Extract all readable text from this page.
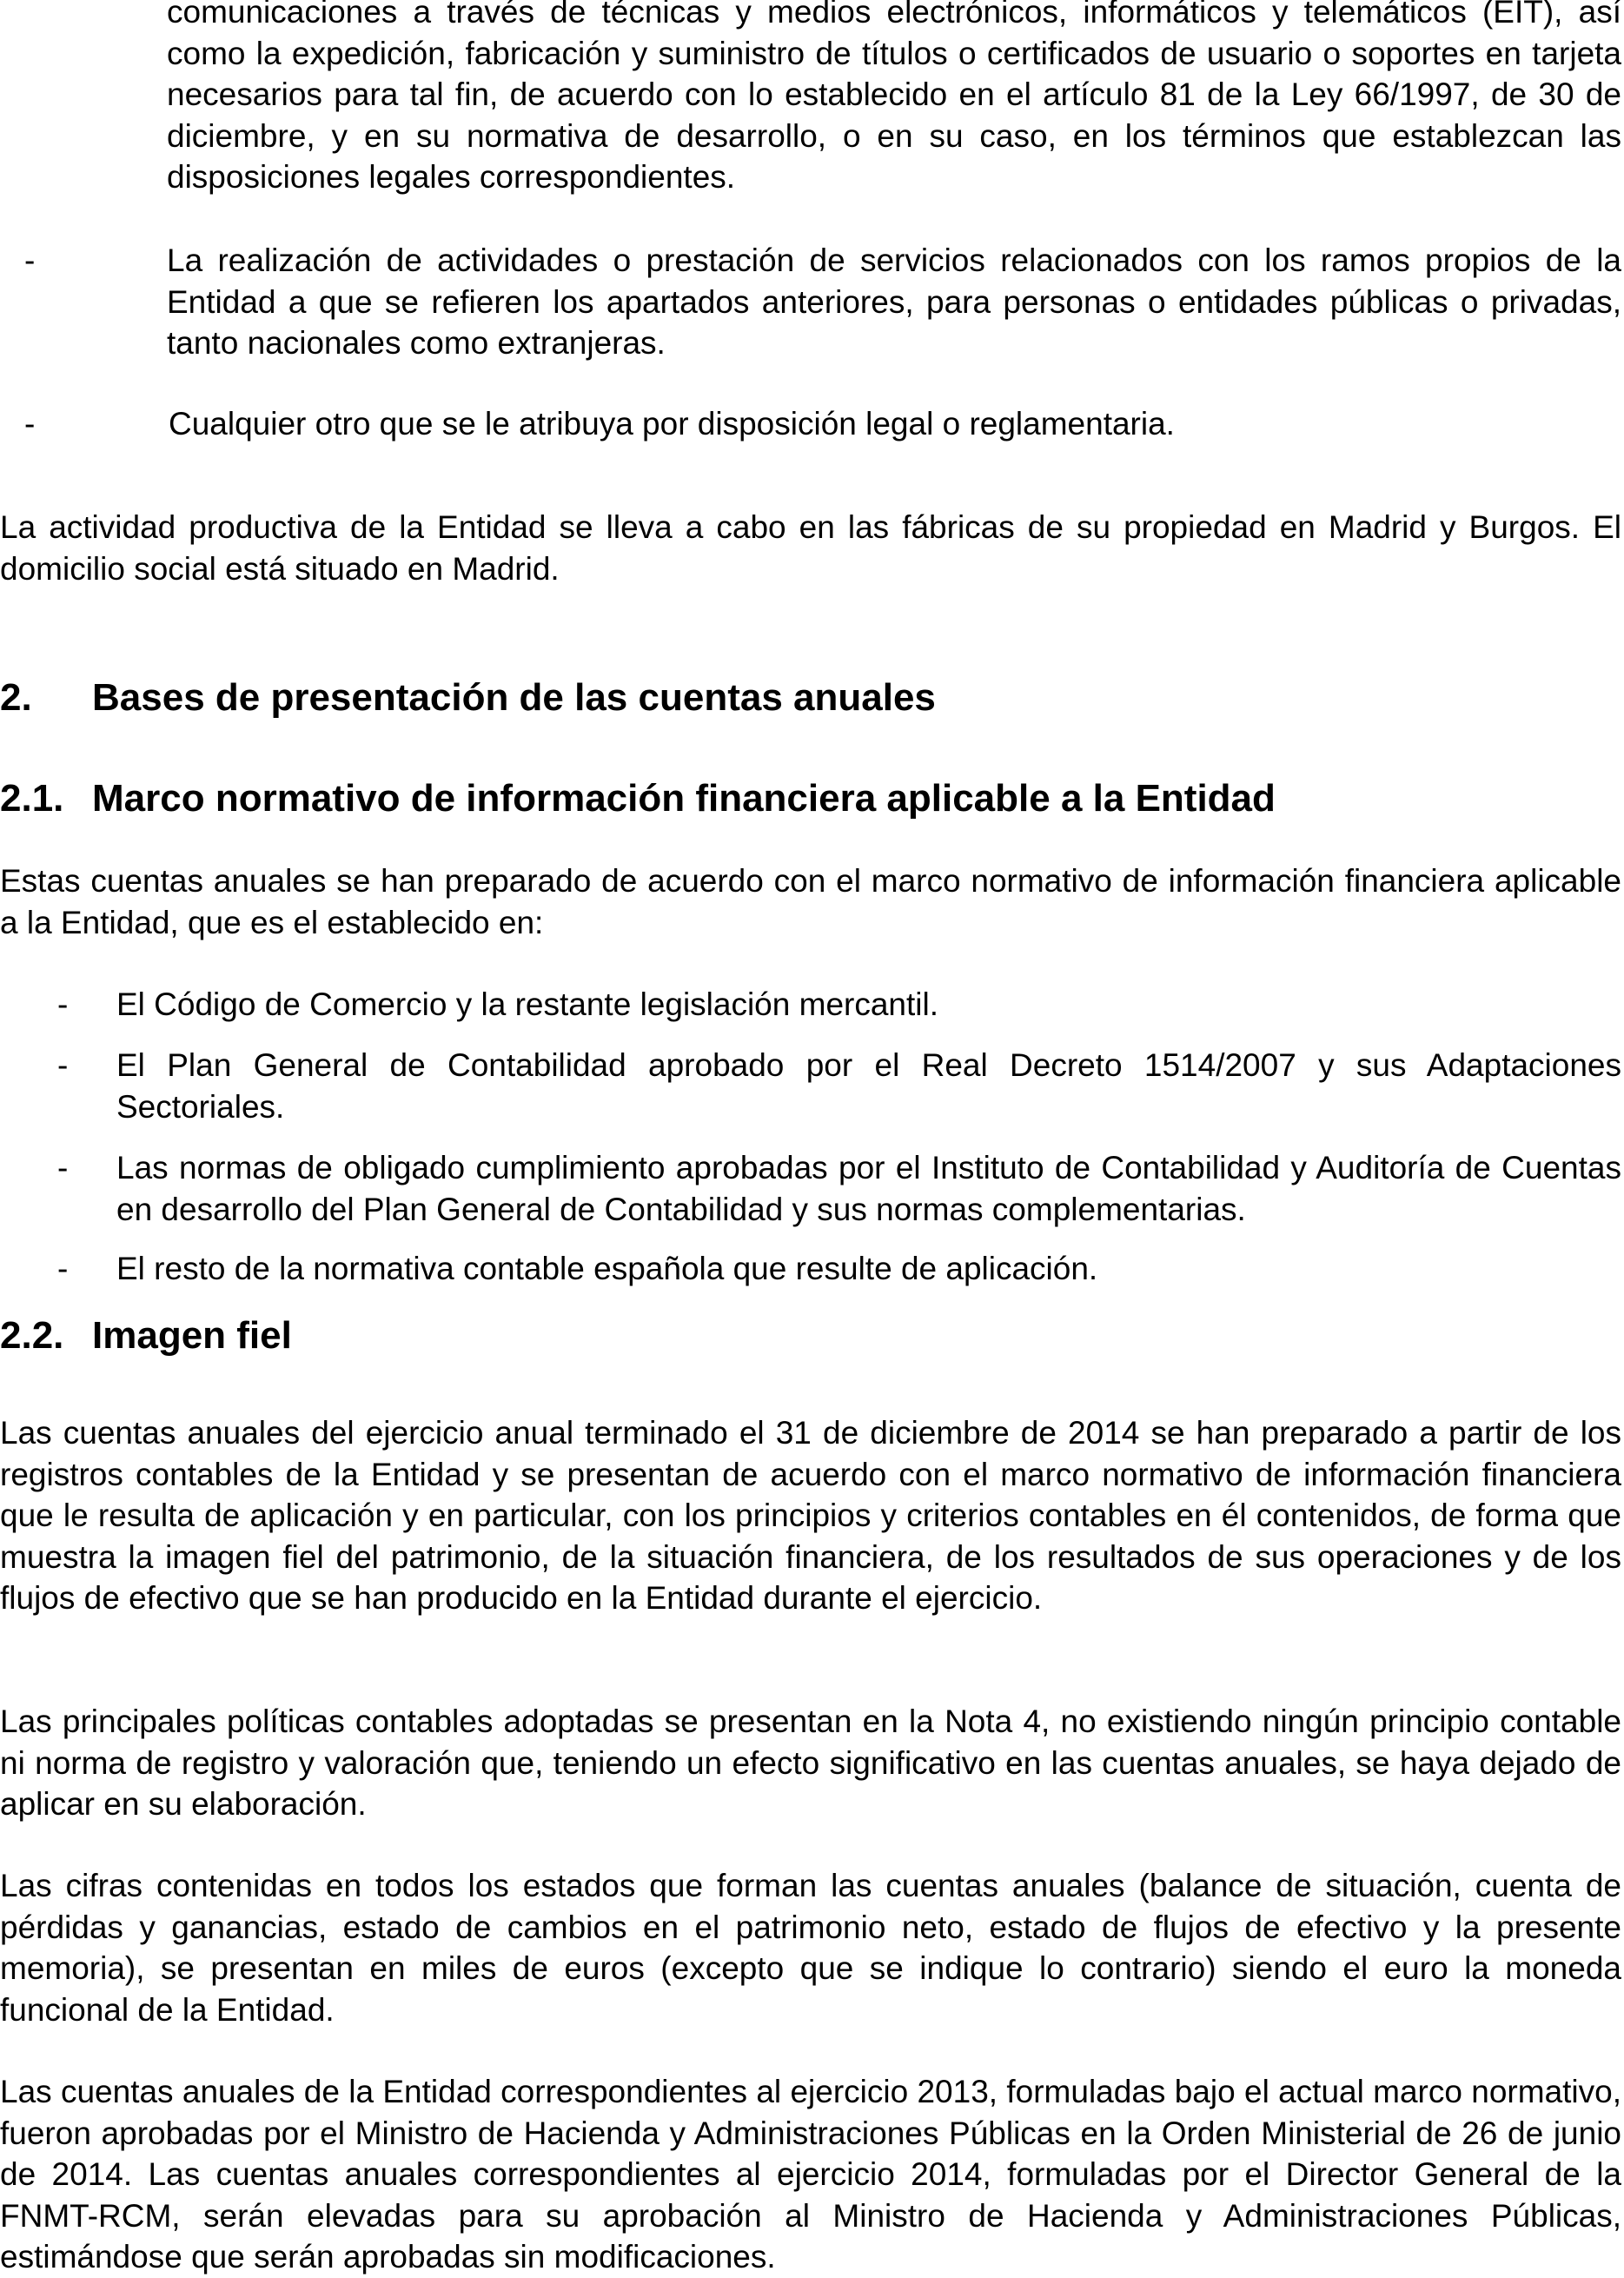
comunicaciones a través de técnicas y medios electrónicos, informáticos y telemáticos (EIT), así como la expedición, fabricación y suministro de títulos o certificados de usuario o soportes en tarjeta necesarios para tal fin, de acuerdo con lo establecido en el artículo 81 de la Ley 66/1997, de 30 de diciembre, y en su normativa de desarrollo, o en su caso, en los términos que establezcan las disposiciones legales correspondientes.

-	La realización de actividades o prestación de servicios relacionados con los ramos propios de la Entidad a que se refieren los apartados anteriores, para personas o entidades públicas o privadas, tanto nacionales como extranjeras.

-	Cualquier otro que se le atribuya por disposición legal o reglamentaria.

La actividad productiva de la Entidad se lleva a cabo en las fábricas de su propiedad en Madrid y Burgos. El domicilio social está situado en Madrid.

2. Bases de presentación de las cuentas anuales
2.1. Marco normativo de información financiera aplicable a la Entidad

Estas cuentas anuales se han preparado de acuerdo con el marco normativo de información financiera aplicable a la Entidad, que es el establecido en:

- El Código de Comercio y la restante legislación mercantil.

- El Plan General de Contabilidad aprobado por el Real Decreto 1514/2007 y sus Adaptaciones Sectoriales.

- Las normas de obligado cumplimiento aprobadas por el Instituto de Contabilidad y Auditoría de Cuentas en desarrollo del Plan General de Contabilidad y sus normas complementarias.

- El resto de la normativa contable española que resulte de aplicación.

2.2. Imagen fiel

Las cuentas anuales del ejercicio anual terminado el 31 de diciembre de 2014 se han preparado a partir de los registros contables de la Entidad y se presentan de acuerdo con el marco normativo de información financiera que le resulta de aplicación y en particular, con los principios y criterios contables en él contenidos, de forma que muestra la imagen fiel del patrimonio, de la situación financiera, de los resultados de sus operaciones y de los flujos de efectivo que se han producido en la Entidad durante el ejercicio.

Las principales políticas contables adoptadas se presentan en la Nota 4, no existiendo ningún principio contable ni norma de registro y valoración que, teniendo un efecto significativo en las cuentas anuales, se haya dejado de aplicar en su elaboración.

Las cifras contenidas en todos los estados que forman las cuentas anuales (balance de situación, cuenta de pérdidas y ganancias, estado de cambios en el patrimonio neto, estado de flujos de efectivo y la presente memoria), se presentan en miles de euros (excepto que se indique lo contrario) siendo el euro la moneda funcional de la Entidad.

Las cuentas anuales de la Entidad correspondientes al ejercicio 2013, formuladas bajo el actual marco normativo, fueron aprobadas por el Ministro de Hacienda y Administraciones Públicas en la Orden Ministerial de 26 de junio de 2014. Las cuentas anuales correspondientes al ejercicio 2014, formuladas por el Director General de la FNMT-RCM, serán elevadas para su aprobación al Ministro de Hacienda y Administraciones Públicas, estimándose que serán aprobadas sin modificaciones.
